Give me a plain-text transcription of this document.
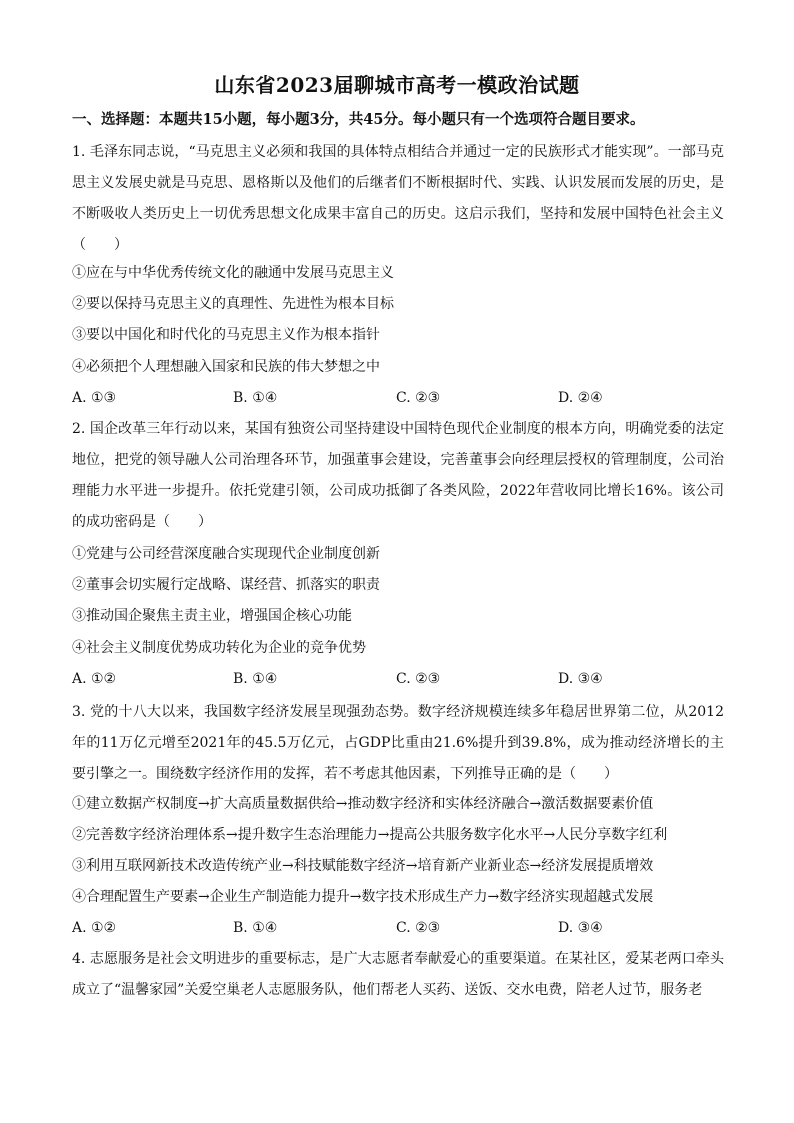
山东省2023届聊城市高考一模政治试题
一、选择题：本题共15小题，每小题3分，共45分。每小题只有一个选项符合题目要求。

1. 毛泽东同志说，“马克思主义必须和我国的具体特点相结合并通过一定的民族形式才能实现”。一部马克思主义发展史就是马克思、恩格斯以及他们的后继者们不断根据时代、实践、认识发展而发展的历史，是不断吸收人类历史上一切优秀思想文化成果丰富自己的历史。这启示我们，坚持和发展中国特色社会主义（　　）

①应在与中华优秀传统文化的融通中发展马克思主义
②要以保持马克思主义的真理性、先进性为根本目标
③要以中国化和时代化的马克思主义作为根本指针
④必须把个人理想融入国家和民族的伟大梦想之中
A. ①③	B. ①④	C. ②③	D. ②④

2. 国企改革三年行动以来，某国有独资公司坚持建设中国特色现代企业制度的根本方向，明确党委的法定地位，把党的领导融人公司治理各环节，加强董事会建设，完善董事会向经理层授权的管理制度，公司治理能力水平进一步提升。依托党建引领，公司成功抵御了各类风险，2022年营收同比增长16%。该公司的成功密码是（　　）

①党建与公司经营深度融合实现现代企业制度创新
②董事会切实履行定战略、谋经营、抓落实的职责
③推动国企聚焦主责主业，增强国企核心功能
④社会主义制度优势成功转化为企业的竞争优势
A. ①②	B. ①④	C. ②③	D. ③④

3. 党的十八大以来，我国数字经济发展呈现强劲态势。数字经济规模连续多年稳居世界第二位，从2012年的11万亿元增至2021年的45.5万亿元，占GDP比重由21.6%提升到39.8%，成为推动经济增长的主要引擎之一。围绕数字经济作用的发挥，若不考虑其他因素，下列推导正确的是（　　）

①建立数据产权制度→扩大高质量数据供给→推动数字经济和实体经济融合→激活数据要素价值
②完善数字经济治理体系→提升数字生态治理能力→提高公共服务数字化水平→人民分享数字红利
③利用互联网新技术改造传统产业→科技赋能数字经济→培育新产业新业态→经济发展提质增效
④合理配置生产要素→企业生产制造能力提升→数字技术形成生产力→数字经济实现超越式发展
A. ①②	B. ①④	C. ②③	D. ③④

4. 志愿服务是社会文明进步的重要标志，是广大志愿者奉献爱心的重要渠道。在某社区，爱某老两口牵头成立了“温馨家园”关爱空巢老人志愿服务队，他们帮老人买药、送饭、交水电费，陪老人过节，服务老
